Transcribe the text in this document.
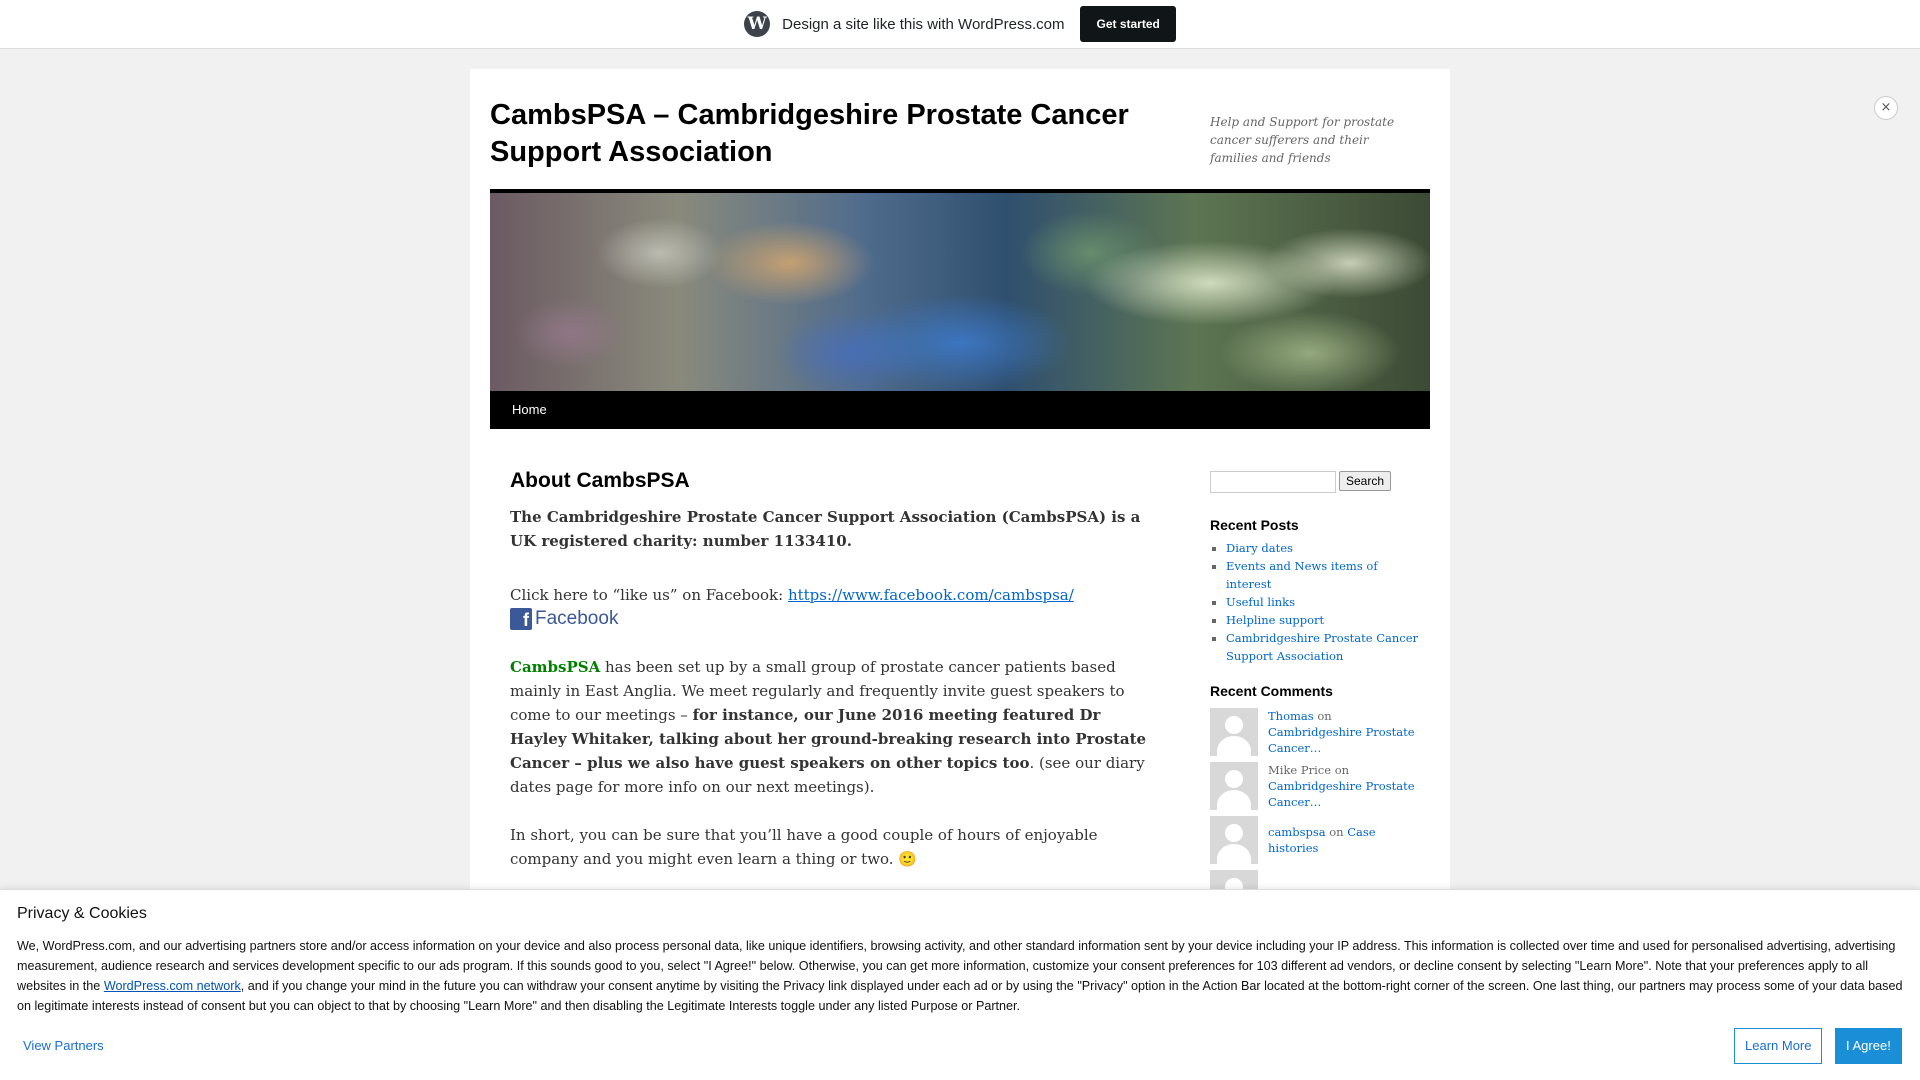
W Design a site like this with WordPress.com	Get started
×
CambsPSA – Cambridgeshire Prostate Cancer Support Association
Help and Support for prostate cancer sufferers and their families and friends
Home
About CambsPSA

The Cambridgeshire Prostate Cancer Support Association (CambsPSA) is a UK registered charity: number 1133410.

Click here to “like us” on Facebook: https://www.facebook.com/cambspsa/
f Facebook

CambsPSA has been set up by a small group of prostate cancer patients based mainly in East Anglia. We meet regularly and frequently invite guest speakers to come to our meetings – for instance, our June 2016 meeting featured Dr Hayley Whitaker, talking about her ground-breaking research into Prostate Cancer – plus we also have guest speakers on other topics too. (see our diary dates page for more info on our next meetings).

In short, you can be sure that you’ll have a good couple of hours of enjoyable company and you might even learn a thing or two. 🙂

Search
Recent Posts
▪ Diary dates
▪ Events and News items of interest
▪ Useful links
▪ Helpline support
▪ Cambridgeshire Prostate Cancer Support Association
Recent Comments
Thomas on Cambridgeshire Prostate Cancer…
Mike Price on Cambridgeshire Prostate Cancer…
cambspsa on Case histories
Privacy & Cookies
We, WordPress.com, and our advertising partners store and/or access information on your device and also process personal data, like unique identifiers, browsing activity, and other standard information sent by your device including your IP address. This information is collected over time and used for personalised advertising, advertising measurement, audience research and services development specific to our ads program. If this sounds good to you, select "I Agree!" below. Otherwise, you can get more information, customize your consent preferences for 103 different ad vendors, or decline consent by selecting "Learn More". Note that your preferences apply to all websites in the WordPress.com network, and if you change your mind in the future you can withdraw your consent anytime by visiting the Privacy link displayed under each ad or by using the "Privacy" option in the Action Bar located at the bottom-right corner of the screen. One last thing, our partners may process some of your data based on legitimate interests instead of consent but you can object to that by choosing "Learn More" and then disabling the Legitimate Interests toggle under any listed Purpose or Partner.
View Partners	Learn More	I Agree!
